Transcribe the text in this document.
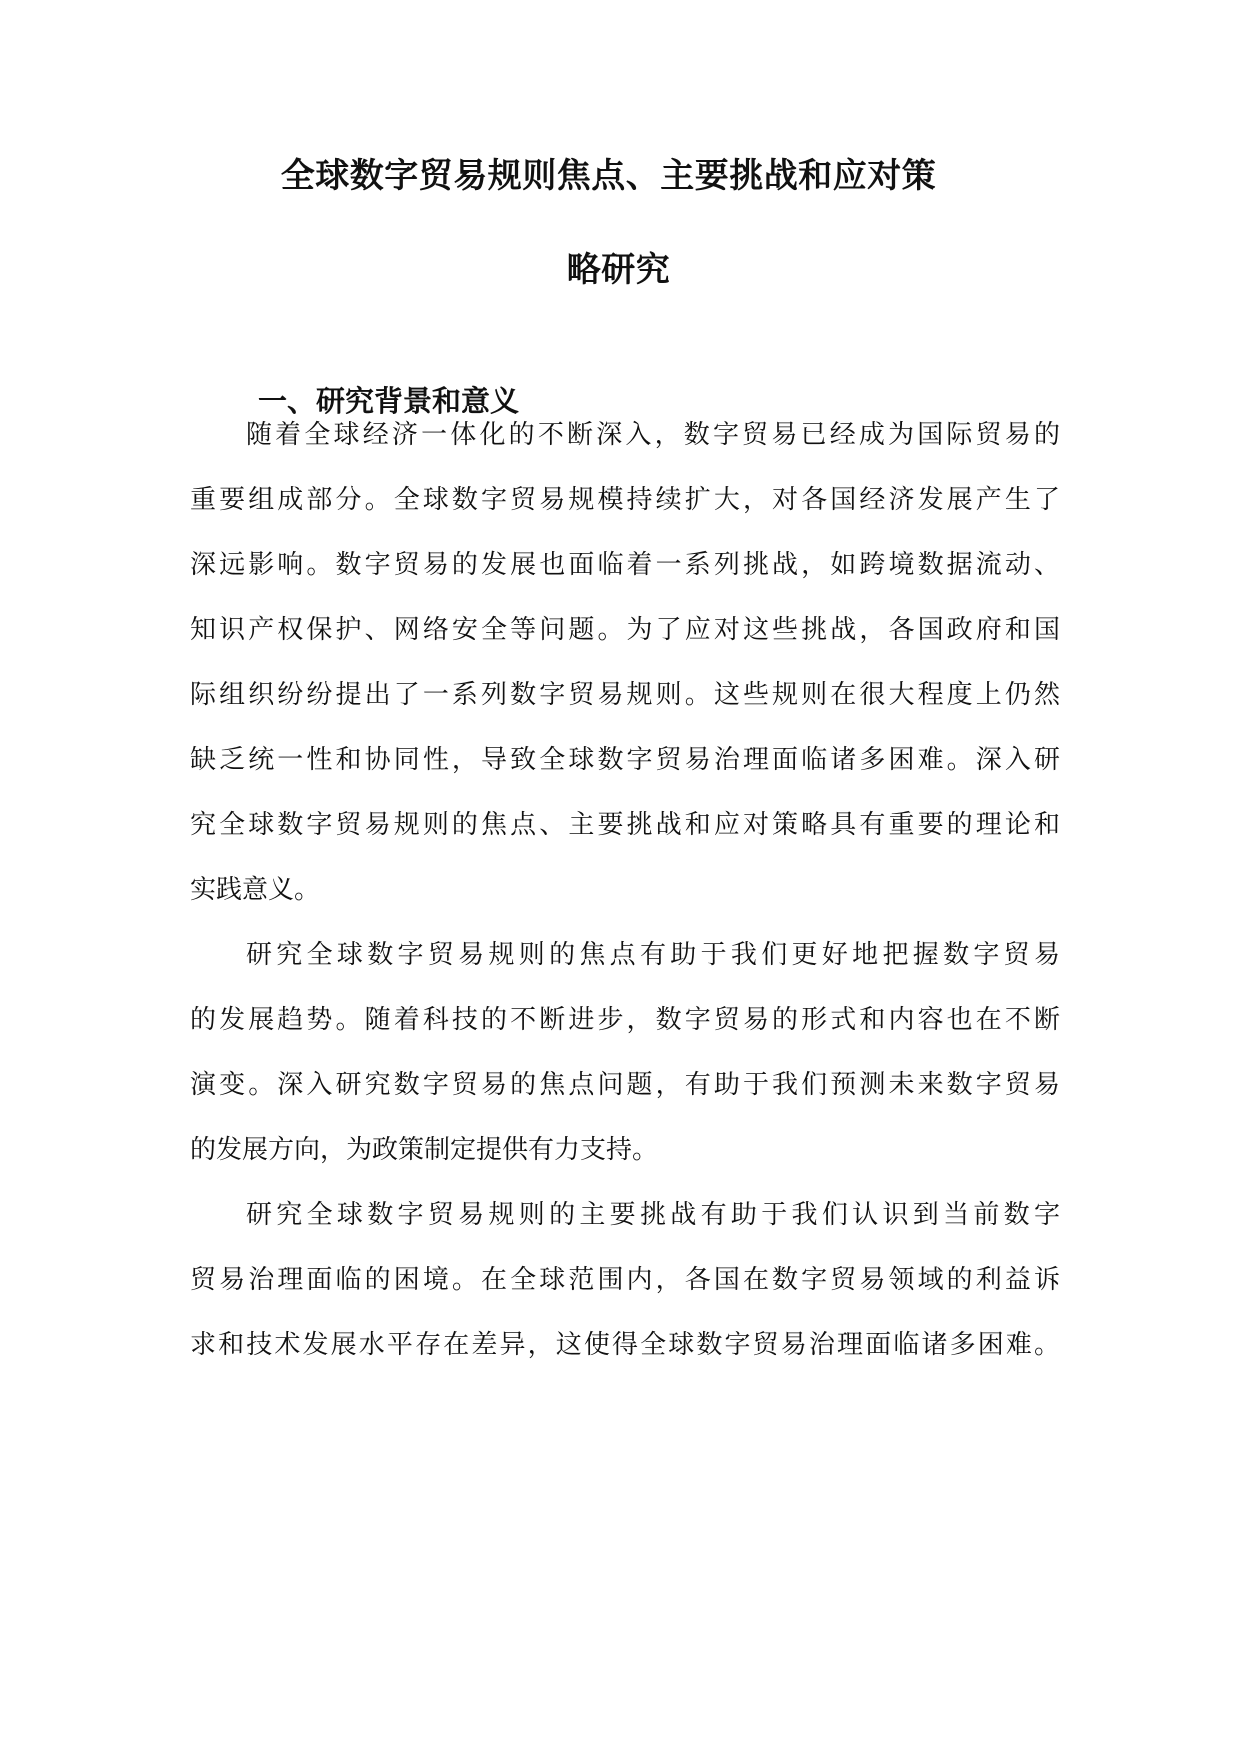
全球数字贸易规则焦点、主要挑战和应对策
略研究
一、研究背景和意义
随着全球经济一体化的不断深入，数字贸易已经成为国际贸易的
重要组成部分。全球数字贸易规模持续扩大，对各国经济发展产生了
深远影响。数字贸易的发展也面临着一系列挑战，如跨境数据流动、
知识产权保护、网络安全等问题。为了应对这些挑战，各国政府和国
际组织纷纷提出了一系列数字贸易规则。这些规则在很大程度上仍然
缺乏统一性和协同性，导致全球数字贸易治理面临诸多困难。深入研
究全球数字贸易规则的焦点、主要挑战和应对策略具有重要的理论和
实践意义。
研究全球数字贸易规则的焦点有助于我们更好地把握数字贸易
的发展趋势。随着科技的不断进步，数字贸易的形式和内容也在不断
演变。深入研究数字贸易的焦点问题，有助于我们预测未来数字贸易
的发展方向，为政策制定提供有力支持。
研究全球数字贸易规则的主要挑战有助于我们认识到当前数字
贸易治理面临的困境。在全球范围内，各国在数字贸易领域的利益诉
求和技术发展水平存在差异，这使得全球数字贸易治理面临诸多困难。
